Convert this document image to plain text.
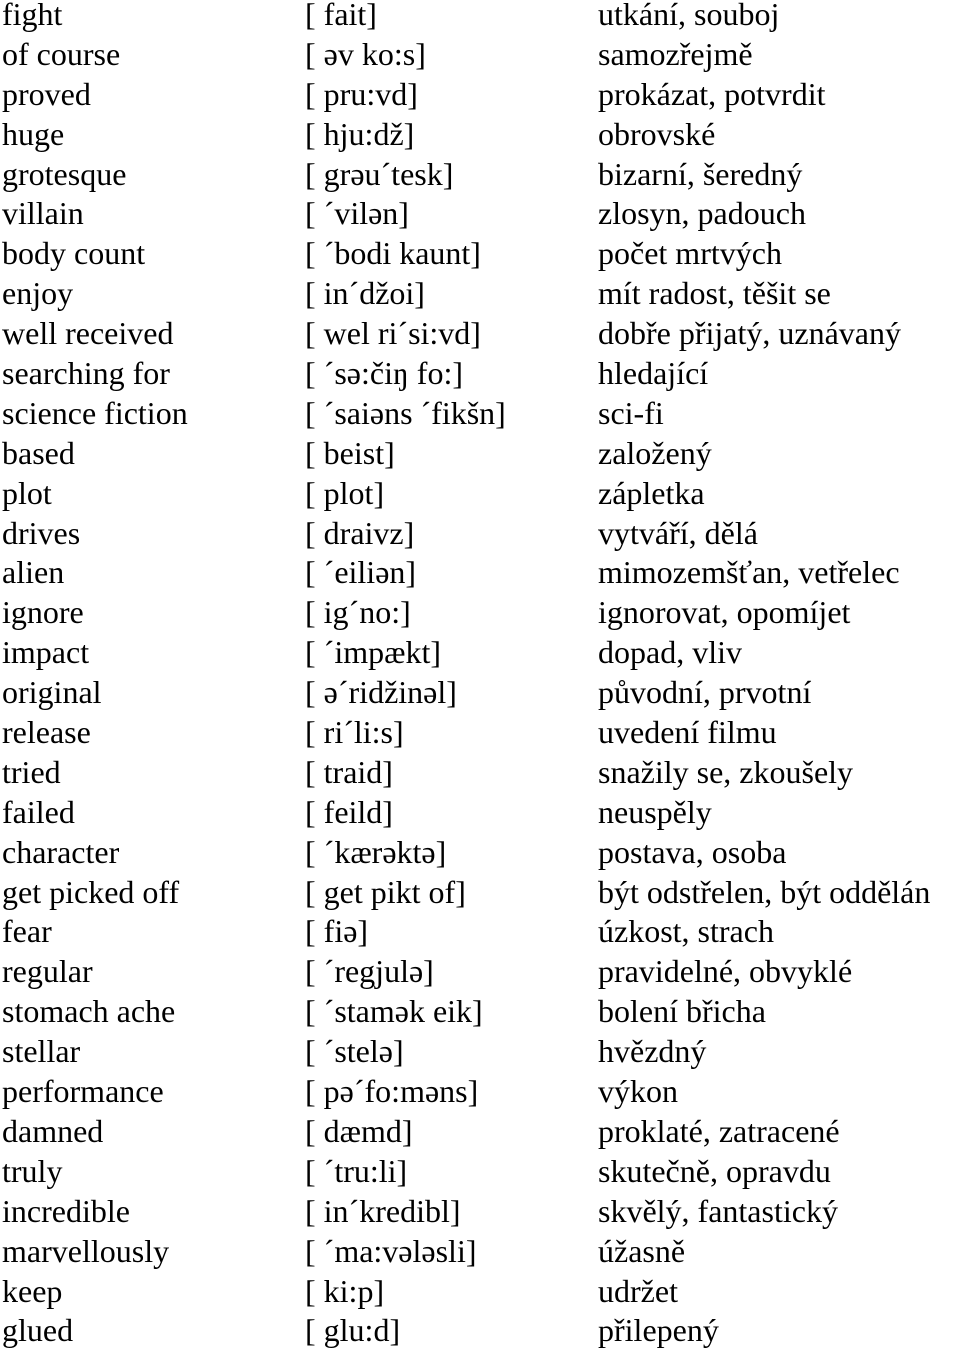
fight	[ fait]	utkání, souboj
of course	[ əv ko:s]	samozřejmě
proved	[ pru:vd]	prokázat, potvrdit
huge	[ hju:dž]	obrovské
grotesque	[ grəu´tesk]	bizarní, šeredný
villain	[ ´vilən]	zlosyn, padouch
body count	[ ´bodi kaunt]	počet mrtvých
enjoy	[ in´džoi]	mít radost, těšit se
well received	[ wel ri´si:vd]	dobře přijatý, uznávaný
searching for	[ ´sə:čiŋ fo:]	hledající
science fiction	[ ´saiəns ´fikšn]	sci-fi
based	[ beist]	založený
plot	[ plot]	zápletka
drives	[ draivz]	vytváří, dělá
alien	[ ´eiliən]	mimozemšťan, vetřelec
ignore	[ ig´no:]	ignorovat, opomíjet
impact	[ ´impækt]	dopad, vliv
original	[ ə´ridžinəl]	původní, prvotní
release	[ ri´li:s]	uvedení filmu
tried	[ traid]	snažily se, zkoušely
failed	[ feild]	neuspěly
character	[ ´kærəktə]	postava, osoba
get picked off	[ get pikt of]	být odstřelen, být oddělán
fear	[ fiə]	úzkost, strach
regular	[ ´regjulə]	pravidelné, obvyklé
stomach ache	[ ´stamək eik]	bolení břicha
stellar	[ ´stelə]	hvězdný
performance	[ pə´fo:məns]	výkon
damned	[ dæmd]	proklaté, zatracené
truly	[ ´tru:li]	skutečně, opravdu
incredible	[ in´kredibl]	skvělý, fantastický
marvellously	[ ´ma:vələsli]	úžasně
keep	[ ki:p]	udržet
glued	[ glu:d]	přilepený
